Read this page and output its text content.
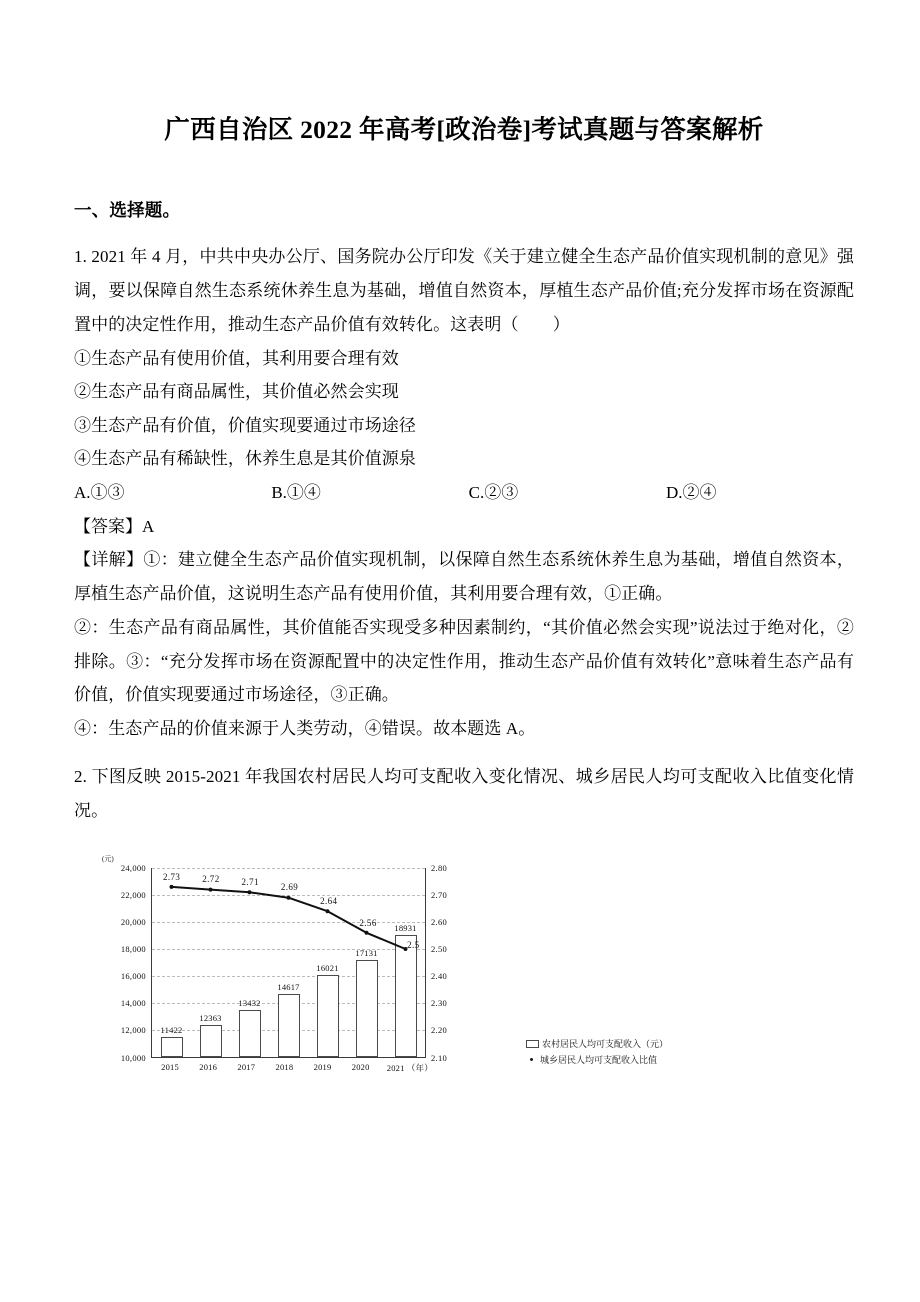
广西自治区 2022 年高考[政治卷]考试真题与答案解析

一、选择题。

1. 2021 年 4 月，中共中央办公厅、国务院办公厅印发《关于建立健全生态产品价值实现机制的意见》强调，要以保障自然生态系统休养生息为基础，增值自然资本，厚植生态产品价值;充分发挥市场在资源配置中的决定性作用，推动生态产品价值有效转化。这表明（　　）

①生态产品有使用价值，其利用要合理有效

②生态产品有商品属性，其价值必然会实现

③生态产品有价值，价值实现要通过市场途径

④生态产品有稀缺性，休养生息是其价值源泉

A.①③	B.①④	C.②③	D.②④

【答案】A

【详解】①：建立健全生态产品价值实现机制，以保障自然生态系统休养生息为基础，增值自然资本，厚植生态产品价值，这说明生态产品有使用价值，其利用要合理有效，①正确。

②：生态产品有商品属性，其价值能否实现受多种因素制约，“其价值必然会实现”说法过于绝对化，②排除。③：“充分发挥市场在资源配置中的决定性作用，推动生态产品价值有效转化”意味着生态产品有价值，价值实现要通过市场途径，③正确。

④：生态产品的价值来源于人类劳动，④错误。故本题选 A。

2. 下图反映 2015-2021 年我国农村居民人均可支配收入变化情况、城乡居民人均可支配收入比值变化情况。

(元)
10,000
12,000
14,000
16,000
18,000
20,000
22,000
24,000
2.10
2.20
2.30
2.40
2.50
2.60
2.70
2.80
11422
12363
13432
14617
16021
17131
18931
2.73 2.72 2.71
2.69
2.64
2.56
2.5
2015	2016	2017	2018	2019	2020	2021 （年）
农村居民人均可支配收入（元）
• 城乡居民人均可支配收入比值
